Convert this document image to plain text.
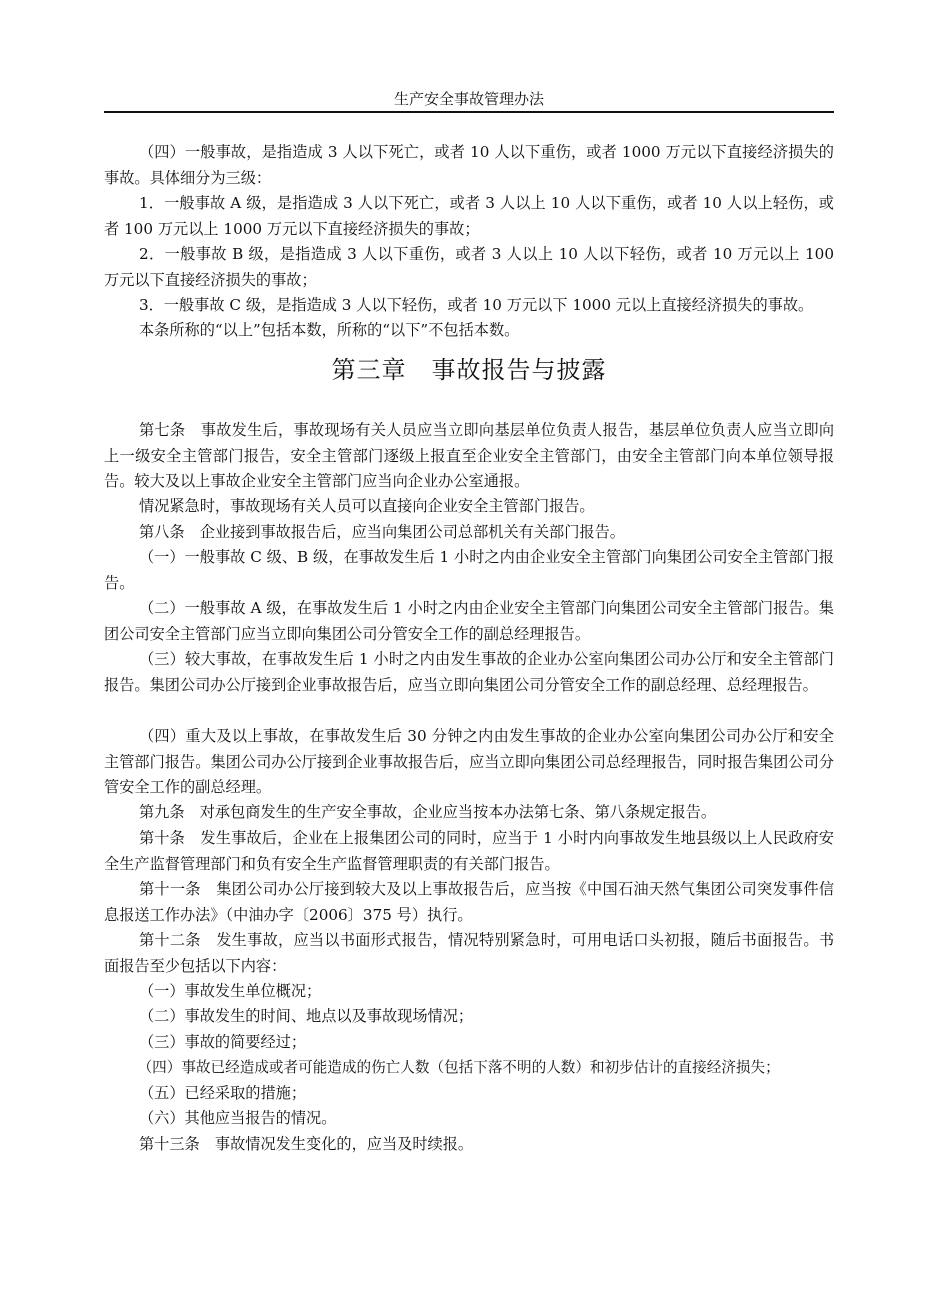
生产安全事故管理办法

（四）一般事故，是指造成 3 人以下死亡，或者 10 人以下重伤，或者 1000 万元以下直接经济损失的事故。具体细分为三级：

1．一般事故 A 级，是指造成 3 人以下死亡，或者 3 人以上 10 人以下重伤，或者 10 人以上轻伤，或者 100 万元以上 1000 万元以下直接经济损失的事故；

2．一般事故 B 级，是指造成 3 人以下重伤，或者 3 人以上 10 人以下轻伤，或者 10 万元以上 100 万元以下直接经济损失的事故；

3．一般事故 C 级，是指造成 3 人以下轻伤，或者 10 万元以下 1000 元以上直接经济损失的事故。

本条所称的“以上”包括本数，所称的“以下”不包括本数。

第三章　事故报告与披露

第七条　事故发生后，事故现场有关人员应当立即向基层单位负责人报告，基层单位负责人应当立即向上一级安全主管部门报告，安全主管部门逐级上报直至企业安全主管部门，由安全主管部门向本单位领导报告。较大及以上事故企业安全主管部门应当向企业办公室通报。

情况紧急时，事故现场有关人员可以直接向企业安全主管部门报告。

第八条　企业接到事故报告后，应当向集团公司总部机关有关部门报告。

（一）一般事故 C 级、B 级，在事故发生后 1 小时之内由企业安全主管部门向集团公司安全主管部门报告。

（二）一般事故 A 级，在事故发生后 1 小时之内由企业安全主管部门向集团公司安全主管部门报告。集团公司安全主管部门应当立即向集团公司分管安全工作的副总经理报告。

（三）较大事故，在事故发生后 1 小时之内由发生事故的企业办公室向集团公司办公厅和安全主管部门报告。集团公司办公厅接到企业事故报告后，应当立即向集团公司分管安全工作的副总经理、总经理报告。

（四）重大及以上事故，在事故发生后 30 分钟之内由发生事故的企业办公室向集团公司办公厅和安全主管部门报告。集团公司办公厅接到企业事故报告后，应当立即向集团公司总经理报告，同时报告集团公司分管安全工作的副总经理。

第九条　对承包商发生的生产安全事故，企业应当按本办法第七条、第八条规定报告。

第十条　发生事故后，企业在上报集团公司的同时，应当于 1 小时内向事故发生地县级以上人民政府安全生产监督管理部门和负有安全生产监督管理职责的有关部门报告。

第十一条　集团公司办公厅接到较大及以上事故报告后，应当按《中国石油天然气集团公司突发事件信息报送工作办法》（中油办字〔2006〕375 号）执行。

第十二条　发生事故，应当以书面形式报告，情况特别紧急时，可用电话口头初报，随后书面报告。书面报告至少包括以下内容：

（一）事故发生单位概况；

（二）事故发生的时间、地点以及事故现场情况；

（三）事故的简要经过；

（四）事故已经造成或者可能造成的伤亡人数（包括下落不明的人数）和初步估计的直接经济损失；

（五）已经采取的措施；

（六）其他应当报告的情况。

第十三条　事故情况发生变化的，应当及时续报。
